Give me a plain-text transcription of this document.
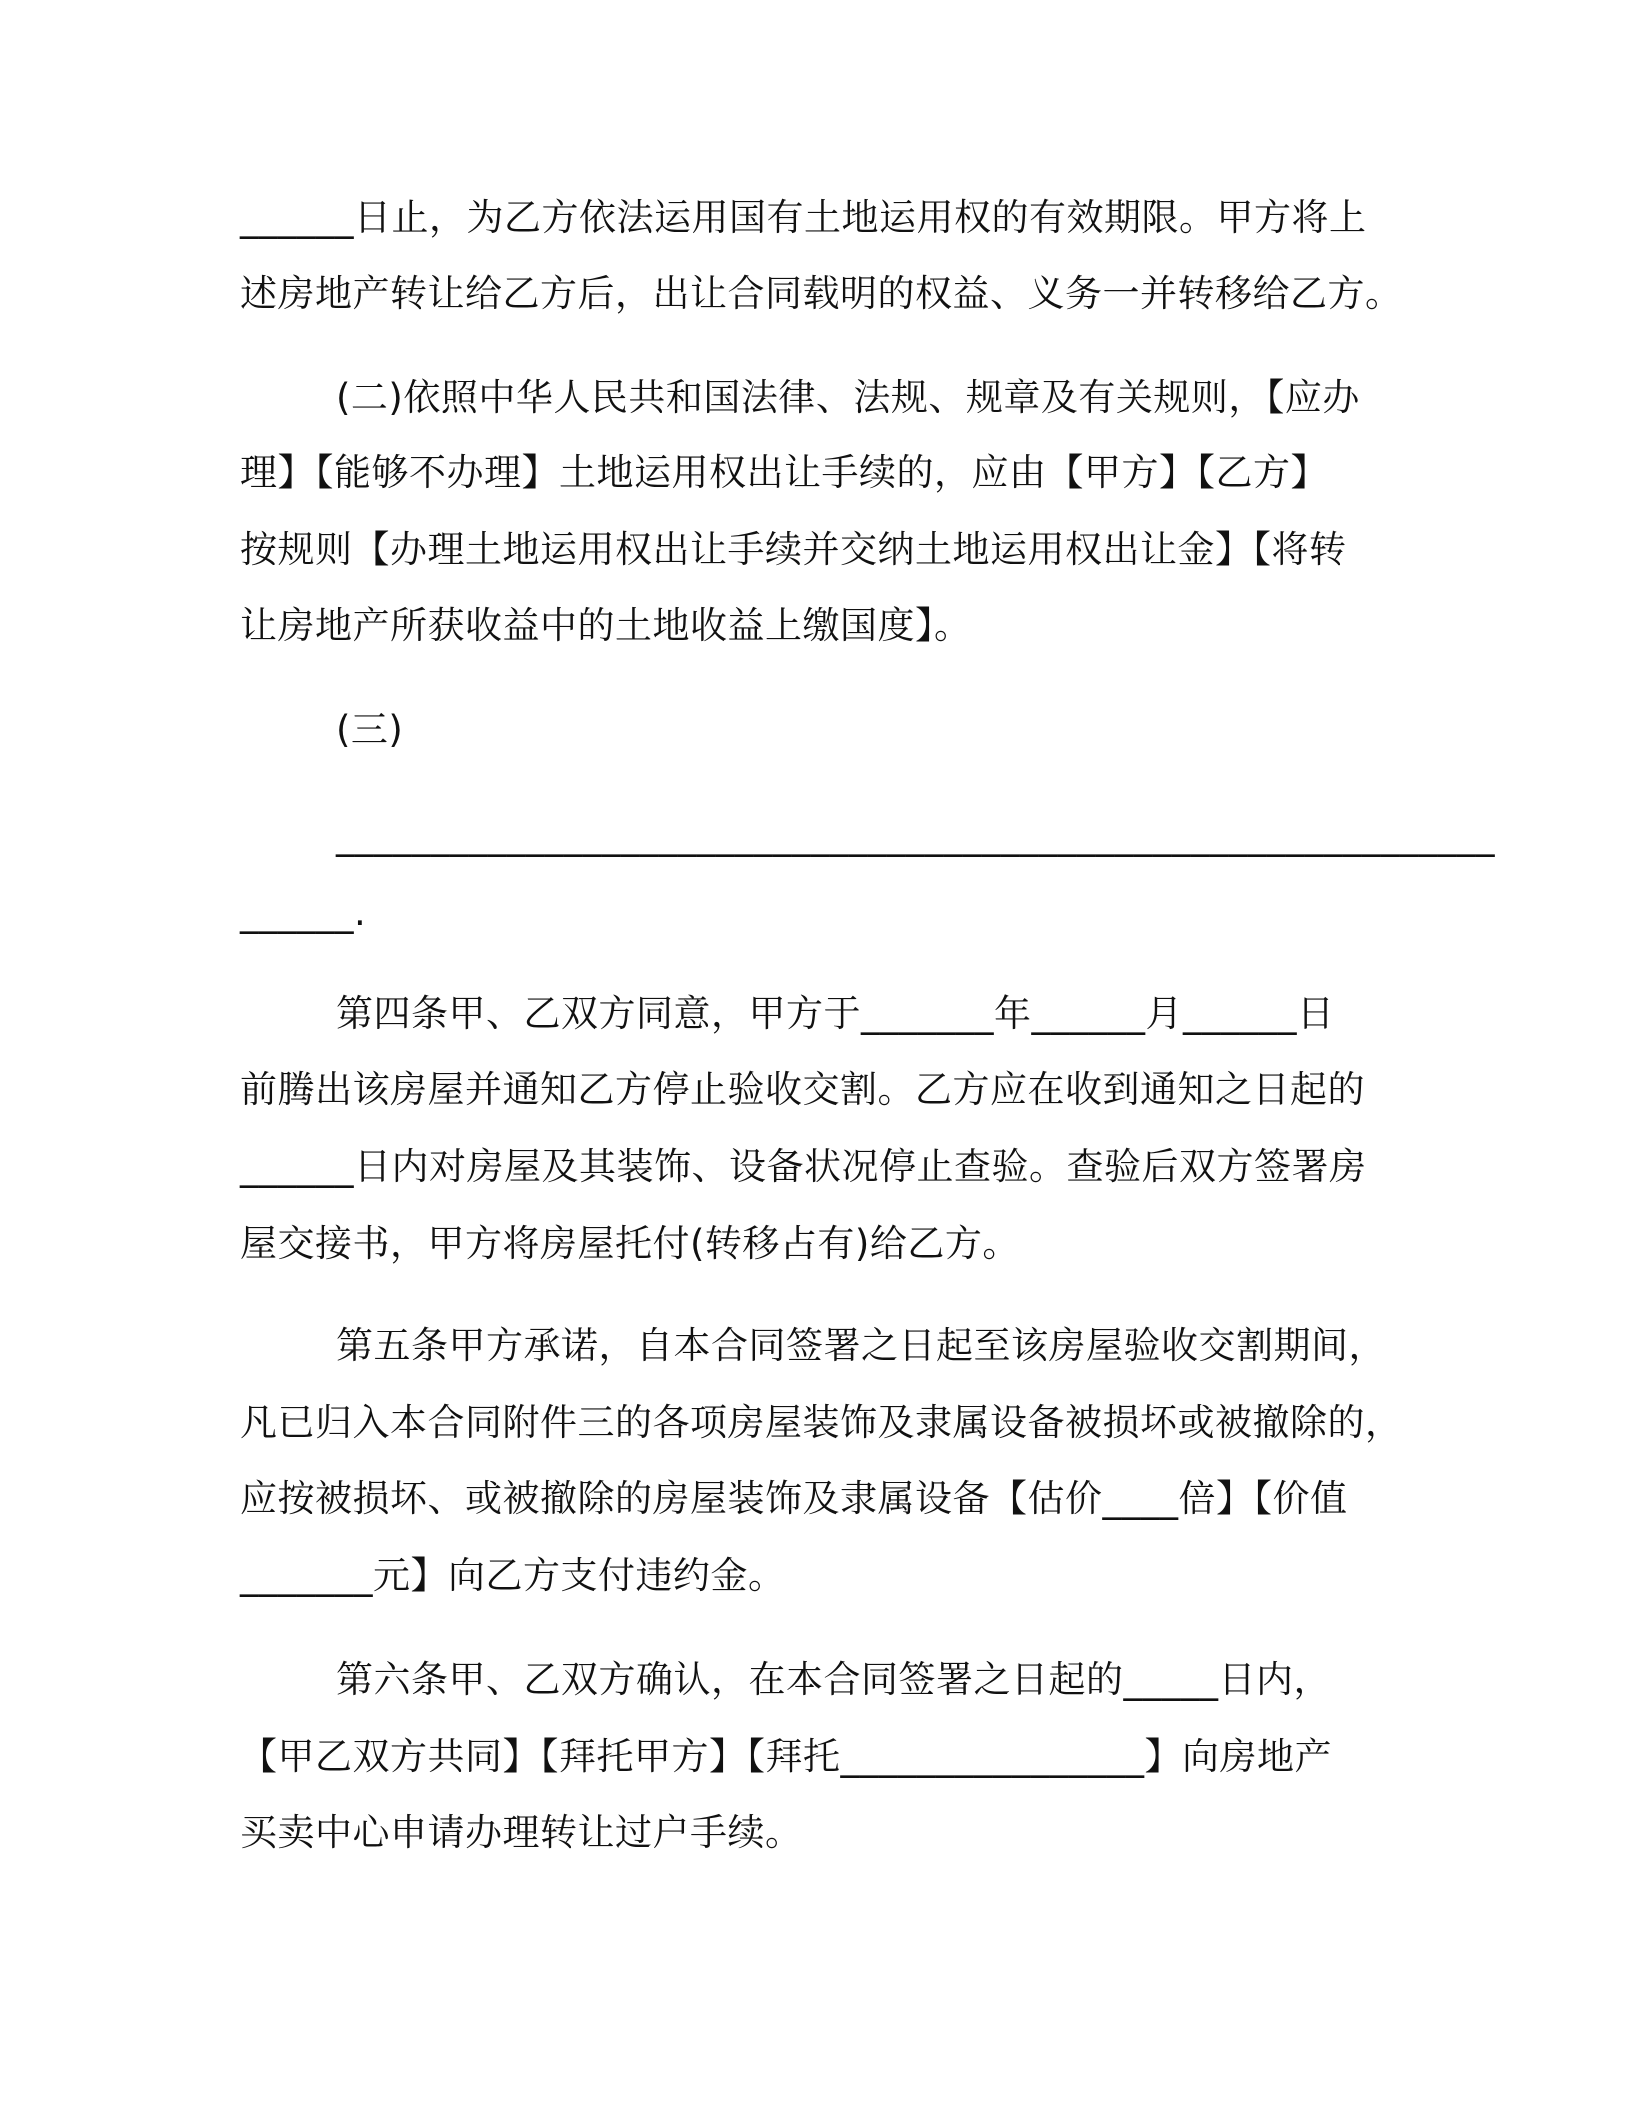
______日止，为乙方依法运用国有土地运用权的有效期限。甲方将上
述房地产转让给乙方后，出让合同载明的权益、义务一并转移给乙方。
(二)依照中华人民共和国法律、法规、规章及有关规则，【应办
理】【能够不办理】土地运用权出让手续的，应由【甲方】【乙方】
按规则【办理土地运用权出让手续并交纳土地运用权出让金】【将转
让房地产所获收益中的土地收益上缴国度】。
(三)
_____________________________________________________________
______.
第四条甲、乙双方同意，甲方于_______年______月______日
前腾出该房屋并通知乙方停止验收交割。乙方应在收到通知之日起的
______日内对房屋及其装饰、设备状况停止查验。查验后双方签署房
屋交接书，甲方将房屋托付(转移占有)给乙方。
第五条甲方承诺，自本合同签署之日起至该房屋验收交割期间，
凡已归入本合同附件三的各项房屋装饰及隶属设备被损坏或被撤除的，
应按被损坏、或被撤除的房屋装饰及隶属设备【估价____倍】【价值
_______元】向乙方支付违约金。
第六条甲、乙双方确认，在本合同签署之日起的_____日内，
【甲乙双方共同】【拜托甲方】【拜托________________】向房地产
买卖中心申请办理转让过户手续。
